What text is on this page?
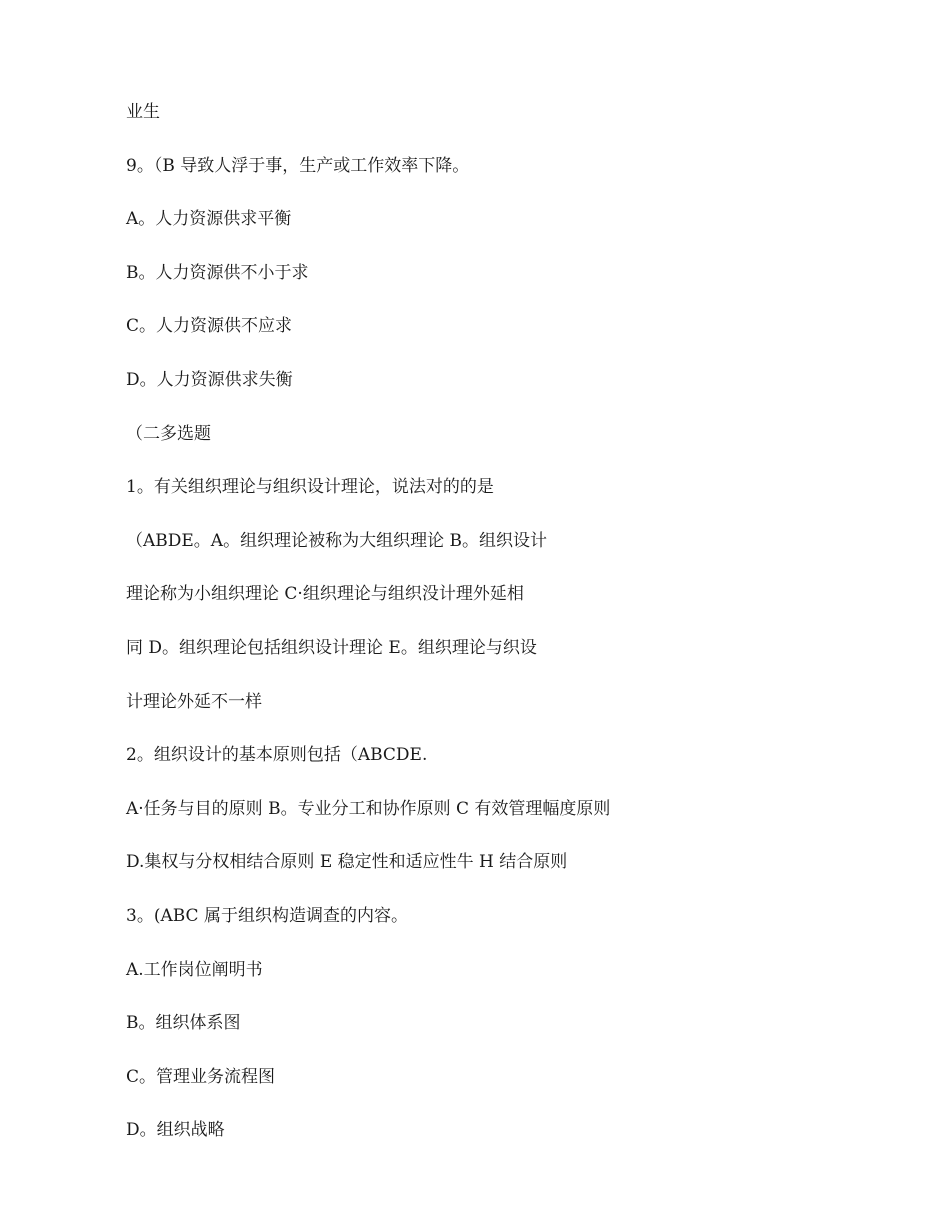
业生

9。（B 导致人浮于事，生产或工作效率下降。

A。人力资源供求平衡

B。人力资源供不小于求

C。人力资源供不应求

D。人力资源供求失衡

（二多选题

1。有关组织理论与组织设计理论，说法对的的是

（ABDE。A。组织理论被称为大组织理论 B。组织设计

理论称为小组织理论 C·组织理论与组织没计理外延相

同 D。组织理论包括组织设计理论 E。组织理论与织设

计理论外延不一样

2。组织设计的基本原则包括（ABCDE.

A·任务与目的原则 B。专业分工和协作原则 C 有效管理幅度原则

D.集权与分权相结合原则 E 稳定性和适应性牛 H 结合原则

3。(ABC 属于组织构造调查的内容。

A.工作岗位阐明书

B。组织体系图

C。管理业务流程图

D。组织战略
